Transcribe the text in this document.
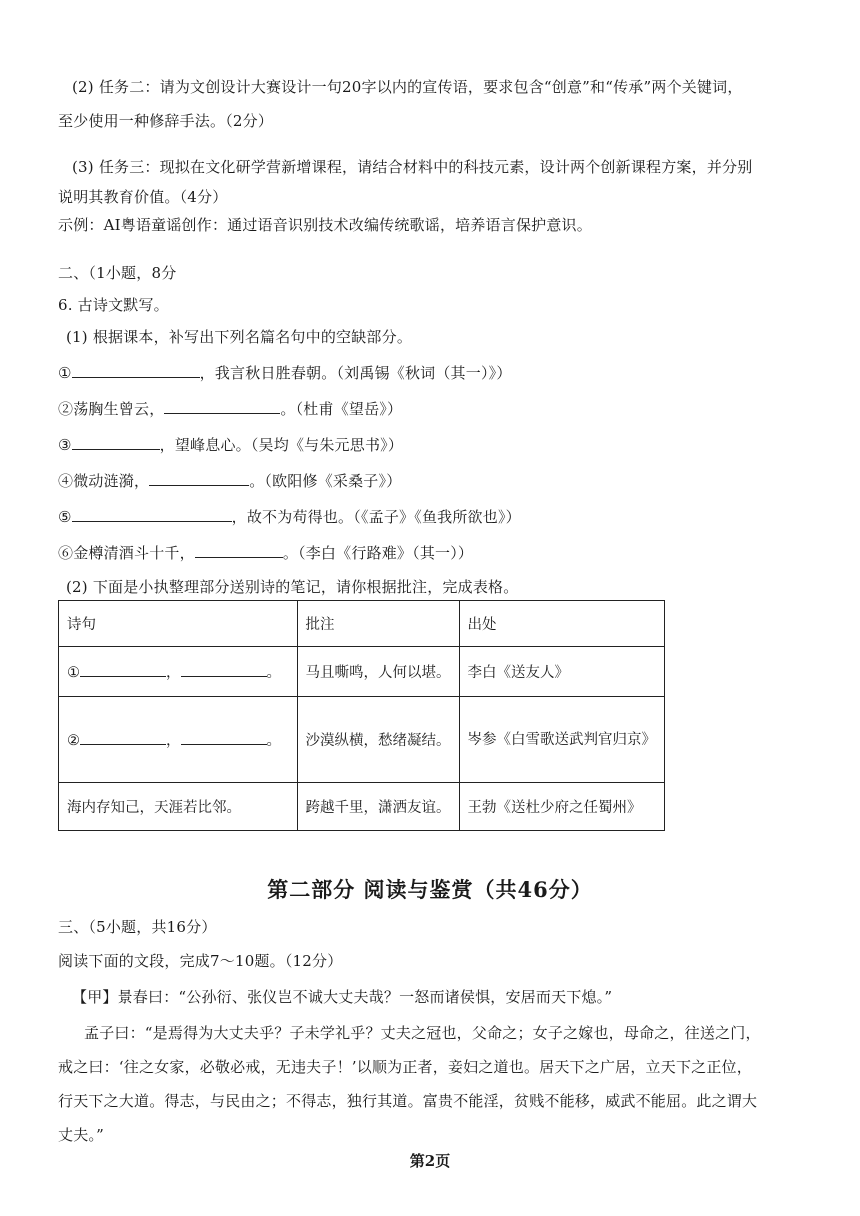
(2) 任务二：请为文创设计大赛设计一句20字以内的宣传语，要求包含“创意”和“传承”两个关键词，
至少使用一种修辞手法。（2分）
(3) 任务三：现拟在文化研学营新增课程，请结合材料中的科技元素，设计两个创新课程方案，并分别
说明其教育价值。（4分）
示例：AI粤语童谣创作：通过语音识别技术改编传统歌谣，培养语言保护意识。
二、（1小题，8分
6. 古诗文默写。
(1) 根据课本，补写出下列名篇名句中的空缺部分。
①	，我言秋日胜春朝。（刘禹锡《秋词（其一）》）
②荡胸生曾云，	。（杜甫《望岳》）
③	，望峰息心。（吴均《与朱元思书》）
④微动涟漪，	。（欧阳修《采桑子》）
⑤	，故不为苟得也。（《孟子》《鱼我所欲也》）
⑥金樽清酒斗十千，	。（李白《行路难》（其一））
(2) 下面是小执整理部分送别诗的笔记，请你根据批注，完成表格。
诗句	批注	出处
① ， 。	马且嘶鸣，人何以堪。	李白《送友人》
② ， 。	沙漠纵横，愁绪凝结。	岑参《白雪歌送武判官归京》
海内存知己，天涯若比邻。	跨越千里，潇洒友谊。	王勃《送杜少府之任蜀州》
第二部分 阅读与鉴赏（共46分）
三、（5小题，共16分）
阅读下面的文段，完成7～10题。（12分）
【甲】景春曰：“公孙衍、张仪岂不诚大丈夫哉？一怒而诸侯惧，安居而天下熄。”
孟子曰：“是焉得为大丈夫乎？子未学礼乎？丈夫之冠也，父命之；女子之嫁也，母命之，往送之门，
戒之曰：‘往之女家，必敬必戒，无违夫子！’以顺为正者，妾妇之道也。居天下之广居，立天下之正位，
行天下之大道。得志，与民由之；不得志，独行其道。富贵不能淫，贫贱不能移，威武不能屈。此之谓大
丈夫。”
第2页
